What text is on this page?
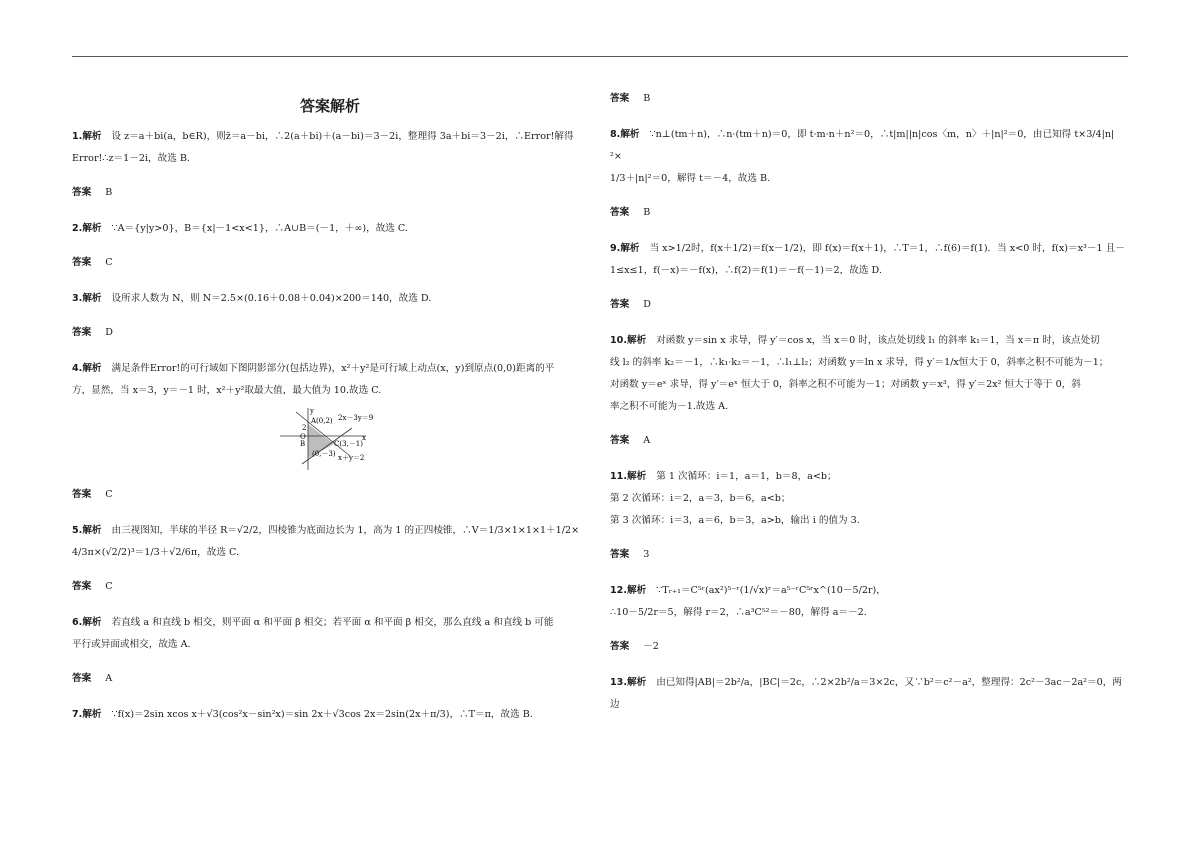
答案解析
1.解析 设 z＝a＋bi(a，b∈R)，则z̄＝a－bi，∴2(a＋bi)＋(a－bi)＝3－2i，整理得 3a＋bi＝3－2i，∴Error!解得
Error!∴z＝1－2i，故选 B.
答案 B
2.解析 ∵A＝{y|y>0}，B＝{x|－1<x<1}，∴A∪B＝(－1，＋∞)，故选 C.
答案 C
3.解析 设所求人数为 N，则 N＝2.5×(0.16＋0.08＋0.04)×200＝140，故选 D.
答案 D
4.解析 满足条件Error!的可行域如下图阴影部分(包括边界)，x²＋y²是可行域上动点(x，y)到原点(0,0)距离的平
方，显然，当 x＝3，y＝－1 时，x²＋y²取最大值，最大值为 10.故选 C.
y
A(0,2) 2x－3y＝9
O
C(3,－1)
B
(0,－3) x＋y＝2
2
x
答案 C
5.解析 由三视图知，半球的半径 R＝√2/2，四棱锥为底面边长为 1，高为 1 的正四棱锥，∴V＝1/3×1×1×1＋1/2×
4/3π×(√2/2)³＝1/3＋√2/6π，故选 C.
答案 C
6.解析 若直线 a 和直线 b 相交，则平面 α 和平面 β 相交；若平面 α 和平面 β 相交，那么直线 a 和直线 b 可能
平行或异面或相交，故选 A.
答案 A
7.解析 ∵f(x)＝2sin xcos x＋√3(cos²x－sin²x)＝sin 2x＋√3cos 2x＝2sin(2x＋π/3)，∴T＝π，故选 B.
答案 B
8.解析 ∵n⊥(tm＋n)，∴n·(tm＋n)＝0，即 t·m·n＋n²＝0，∴t|m||n|cos〈m，n〉＋|n|²＝0，由已知得 t×3/4|n|²×
1/3＋|n|²＝0，解得 t＝－4，故选 B.
答案 B
9.解析 当 x>1/2时，f(x＋1/2)＝f(x－1/2)，即 f(x)＝f(x＋1)，∴T＝1，∴f(6)＝f(1)．当 x<0 时，f(x)＝x³－1 且－
1≤x≤1，f(－x)＝－f(x)，∴f(2)＝f(1)＝－f(－1)＝2，故选 D.
答案 D
10.解析 对函数 y＝sin x 求导，得 y′＝cos x，当 x＝0 时，该点处切线 l₁ 的斜率 k₁＝1，当 x＝π 时，该点处切
线 l₂ 的斜率 k₂＝－1，∴k₁·k₂＝－1，∴l₁⊥l₂；对函数 y＝ln x 求导，得 y′＝1/x恒大于 0，斜率之积不可能为－1；
对函数 y＝eˣ 求导，得 y′＝eˣ 恒大于 0，斜率之积不可能为－1；对函数 y＝x³，得 y′＝2x² 恒大于等于 0，斜
率之积不可能为－1.故选 A.
答案 A
11.解析 第 1 次循环：i＝1，a＝1，b＝8，a<b；
第 2 次循环：i＝2，a＝3，b＝6，a<b；
第 3 次循环：i＝3，a＝6，b＝3，a>b，输出 i 的值为 3.
答案 3
12.解析 ∵Tᵣ₊₁＝C⁵ʳ(ax²)⁵⁻ʳ(1/√x)ʳ＝a⁵⁻ʳC⁵ʳx^(10－5/2r)，
∴10－5/2r＝5，解得 r＝2，∴a³C⁵²＝－80，解得 a＝－2.
答案 －2
13.解析 由已知得|AB|＝2b²/a，|BC|＝2c，∴2×2b²/a＝3×2c，又∵b²＝c²－a²，整理得：2c²－3ac－2a²＝0，两边
